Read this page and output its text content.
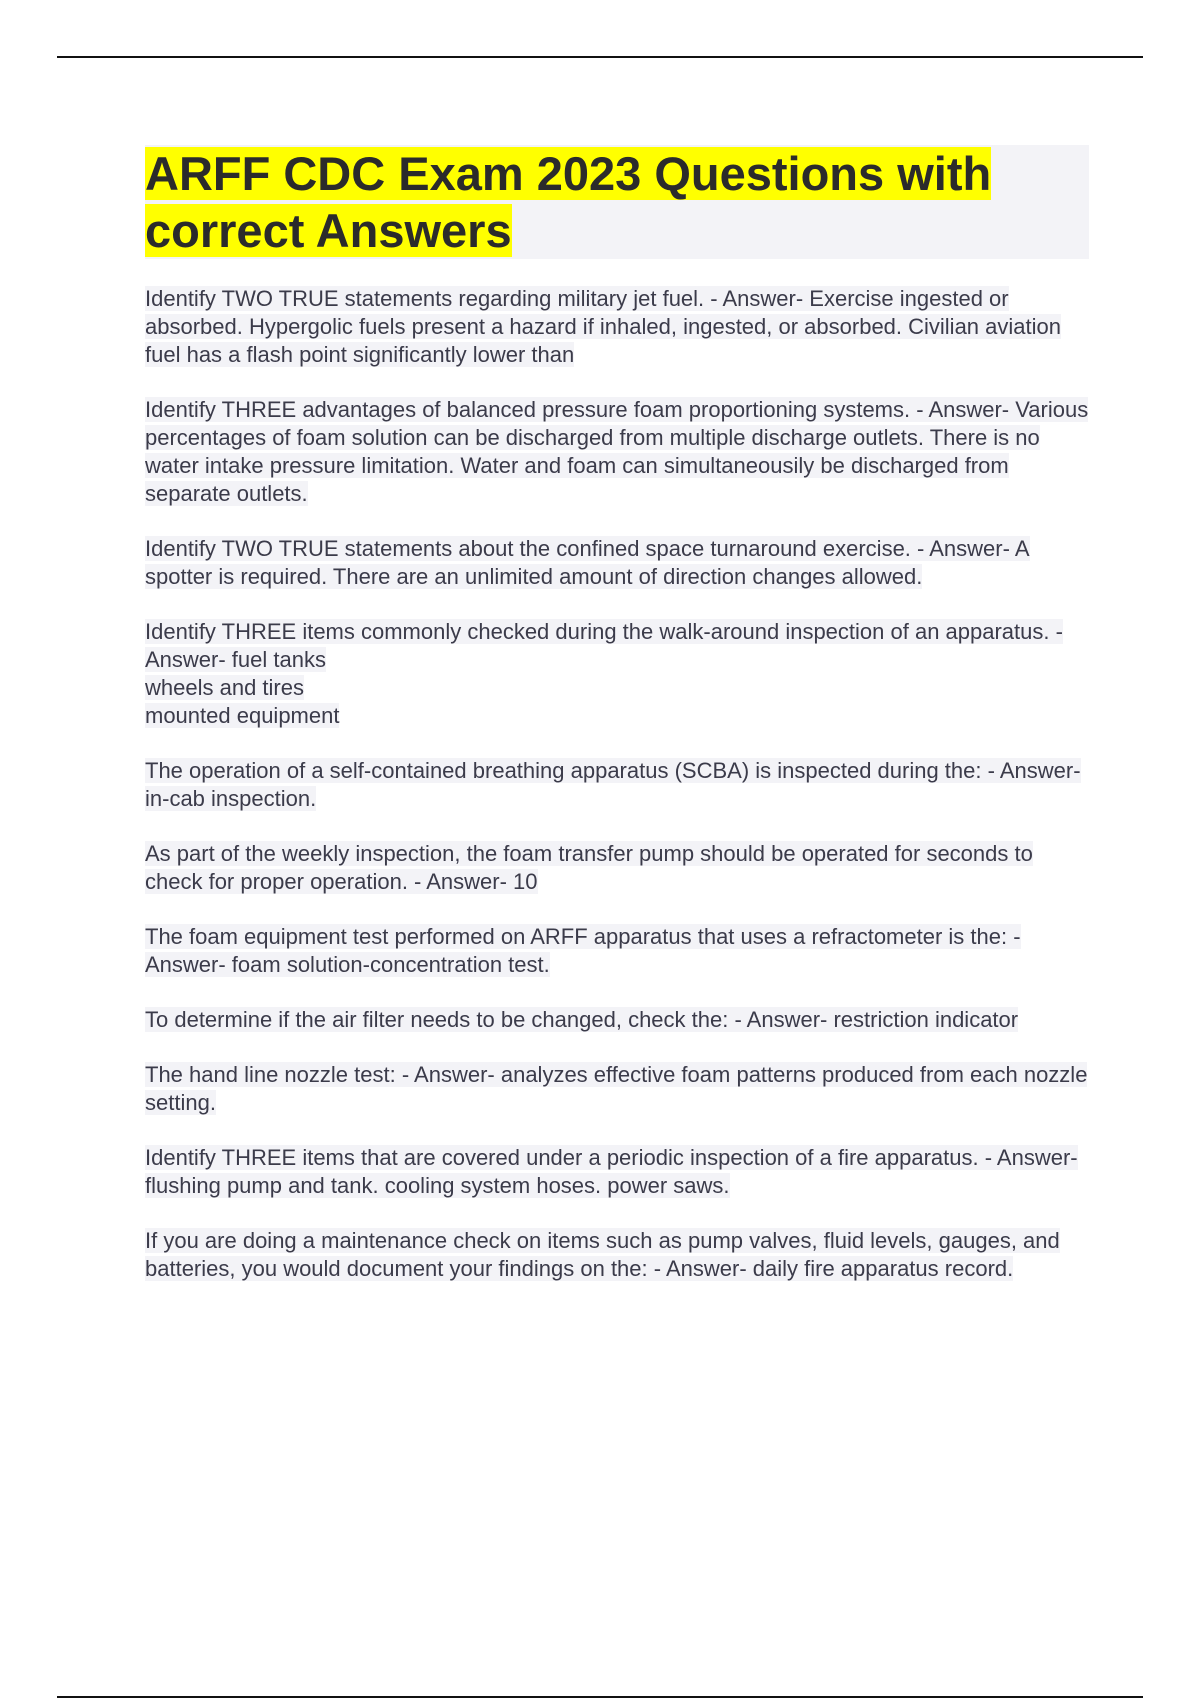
ARFF CDC Exam 2023 Questions with correct Answers

Identify TWO TRUE statements regarding military jet fuel. - Answer- Exercise ingested or absorbed. Hypergolic fuels present a hazard if inhaled, ingested, or absorbed. Civilian aviation fuel has a flash point significantly lower than

Identify THREE advantages of balanced pressure foam proportioning systems. - Answer- Various percentages of foam solution can be discharged from multiple discharge outlets. There is no water intake pressure limitation. Water and foam can simultaneousily be discharged from separate outlets.

Identify TWO TRUE statements about the confined space turnaround exercise. - Answer- A spotter is required. There are an unlimited amount of direction changes allowed.

Identify THREE items commonly checked during the walk-around inspection of an apparatus. - Answer- fuel tanks
wheels and tires
mounted equipment

The operation of a self-contained breathing apparatus (SCBA) is inspected during the: - Answer- in-cab inspection.

As part of the weekly inspection, the foam transfer pump should be operated for seconds to check for proper operation. - Answer- 10

The foam equipment test performed on ARFF apparatus that uses a refractometer is the: - Answer- foam solution-concentration test.

To determine if the air filter needs to be changed, check the: - Answer- restriction indicator

The hand line nozzle test: - Answer- analyzes effective foam patterns produced from each nozzle setting.

Identify THREE items that are covered under a periodic inspection of a fire apparatus. - Answer- flushing pump and tank. cooling system hoses. power saws.

If you are doing a maintenance check on items such as pump valves, fluid levels, gauges, and batteries, you would document your findings on the: - Answer- daily fire apparatus record.
